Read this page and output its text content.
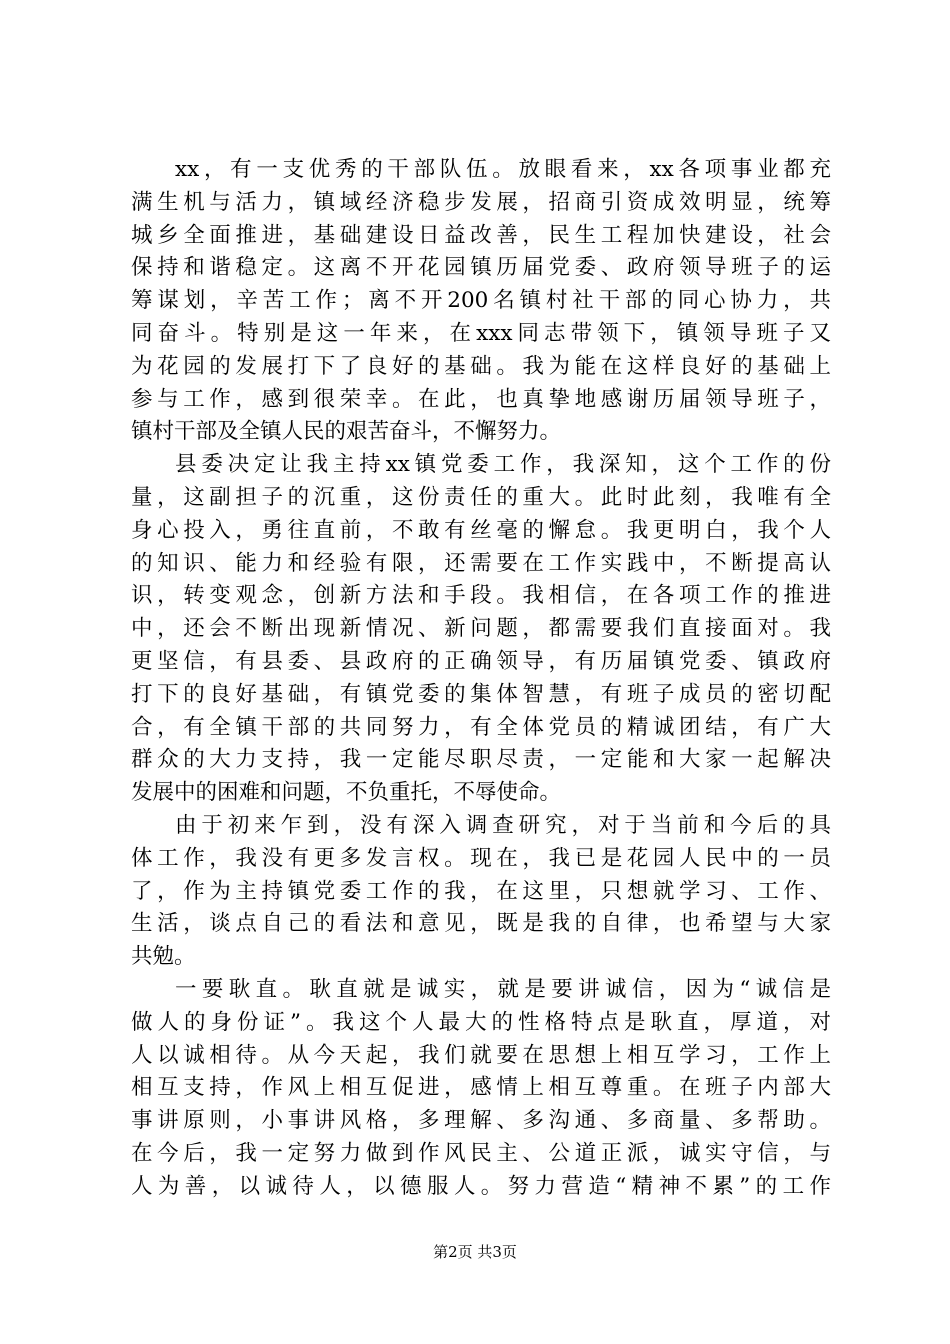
xx，有一支优秀的干部队伍。放眼看来，xx各项事业都充
满生机与活力，镇域经济稳步发展，招商引资成效明显，统筹
城乡全面推进，基础建设日益改善，民生工程加快建设，社会
保持和谐稳定。这离不开花园镇历届党委、政府领导班子的运
筹谋划，辛苦工作；离不开200名镇村社干部的同心协力，共
同奋斗。特别是这一年来，在xxx同志带领下，镇领导班子又
为花园的发展打下了良好的基础。我为能在这样良好的基础上
参与工作，感到很荣幸。在此，也真挚地感谢历届领导班子，
镇村干部及全镇人民的艰苦奋斗，不懈努力。
县委决定让我主持xx镇党委工作，我深知，这个工作的份
量，这副担子的沉重，这份责任的重大。此时此刻，我唯有全
身心投入，勇往直前，不敢有丝毫的懈怠。我更明白，我个人
的知识、能力和经验有限，还需要在工作实践中，不断提高认
识，转变观念，创新方法和手段。我相信，在各项工作的推进
中，还会不断出现新情况、新问题，都需要我们直接面对。我
更坚信，有县委、县政府的正确领导，有历届镇党委、镇政府
打下的良好基础，有镇党委的集体智慧，有班子成员的密切配
合，有全镇干部的共同努力，有全体党员的精诚团结，有广大
群众的大力支持，我一定能尽职尽责，一定能和大家一起解决
发展中的困难和问题，不负重托，不辱使命。
由于初来乍到，没有深入调查研究，对于当前和今后的具
体工作，我没有更多发言权。现在，我已是花园人民中的一员
了，作为主持镇党委工作的我，在这里，只想就学习、工作、
生活，谈点自己的看法和意见，既是我的自律，也希望与大家
共勉。
一要耿直。耿直就是诚实，就是要讲诚信，因为“诚信是
做人的身份证”。我这个人最大的性格特点是耿直，厚道，对
人以诚相待。从今天起，我们就要在思想上相互学习，工作上
相互支持，作风上相互促进，感情上相互尊重。在班子内部大
事讲原则，小事讲风格，多理解、多沟通、多商量、多帮助。
在今后，我一定努力做到作风民主、公道正派，诚实守信，与
人为善，以诚待人，以德服人。努力营造“精神不累”的工作
第2页 共3页
